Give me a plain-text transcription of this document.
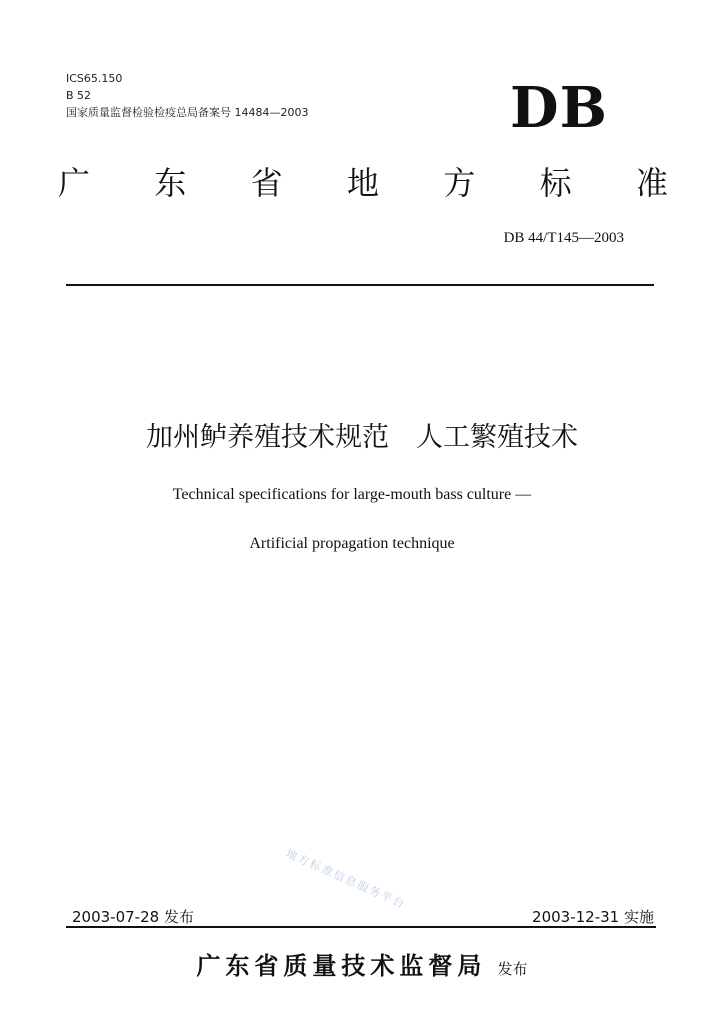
ICS65.150
B 52
国家质量监督检验检疫总局备案号 14484—2003	DB
广 东 省 地 方 标 准
DB 44/T145—2003
加州鲈养殖技术规范　人工繁殖技术
Technical specifications for large-mouth bass culture —
Artificial propagation technique
地方标准信息服务平台
2003-07-28 发布	2003-12-31 实施
广东省质量技术监督局 发布
